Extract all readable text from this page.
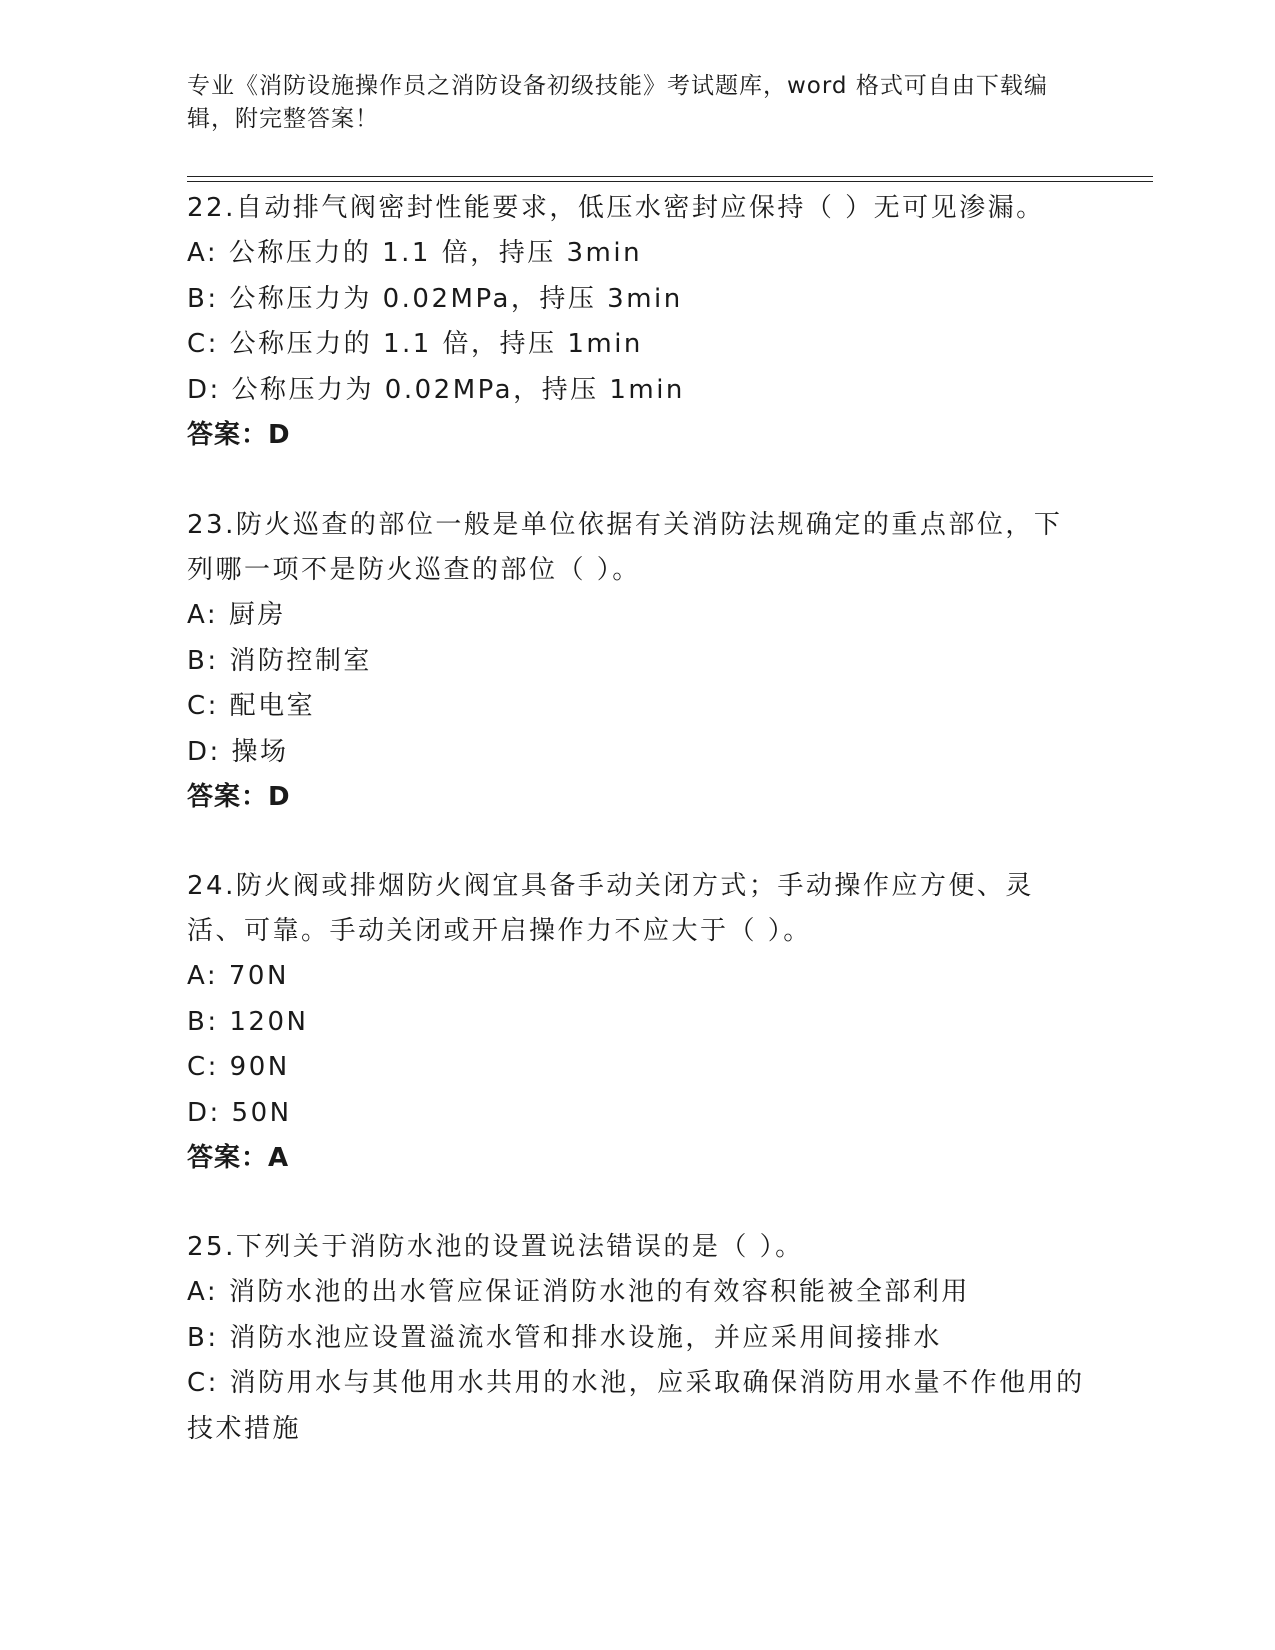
专业《消防设施操作员之消防设备初级技能》考试题库，word 格式可自由下载编辑，附完整答案！
22.自动排气阀密封性能要求，低压水密封应保持（ ）无可见渗漏。
A: 公称压力的 1.1 倍，持压 3min
B: 公称压力为 0.02MPa，持压 3min
C: 公称压力的 1.1 倍，持压 1min
D: 公称压力为 0.02MPa，持压 1min
答案：D
23.防火巡查的部位一般是单位依据有关消防法规确定的重点部位，下列哪一项不是防火巡查的部位（ ）。
A: 厨房
B: 消防控制室
C: 配电室
D: 操场
答案：D
24.防火阀或排烟防火阀宜具备手动关闭方式；手动操作应方便、灵活、可靠。手动关闭或开启操作力不应大于（ ）。
A: 70N
B: 120N
C: 90N
D: 50N
答案：A
25.下列关于消防水池的设置说法错误的是（ ）。
A: 消防水池的出水管应保证消防水池的有效容积能被全部利用
B: 消防水池应设置溢流水管和排水设施，并应采用间接排水
C: 消防用水与其他用水共用的水池，应采取确保消防用水量不作他用的技术措施
